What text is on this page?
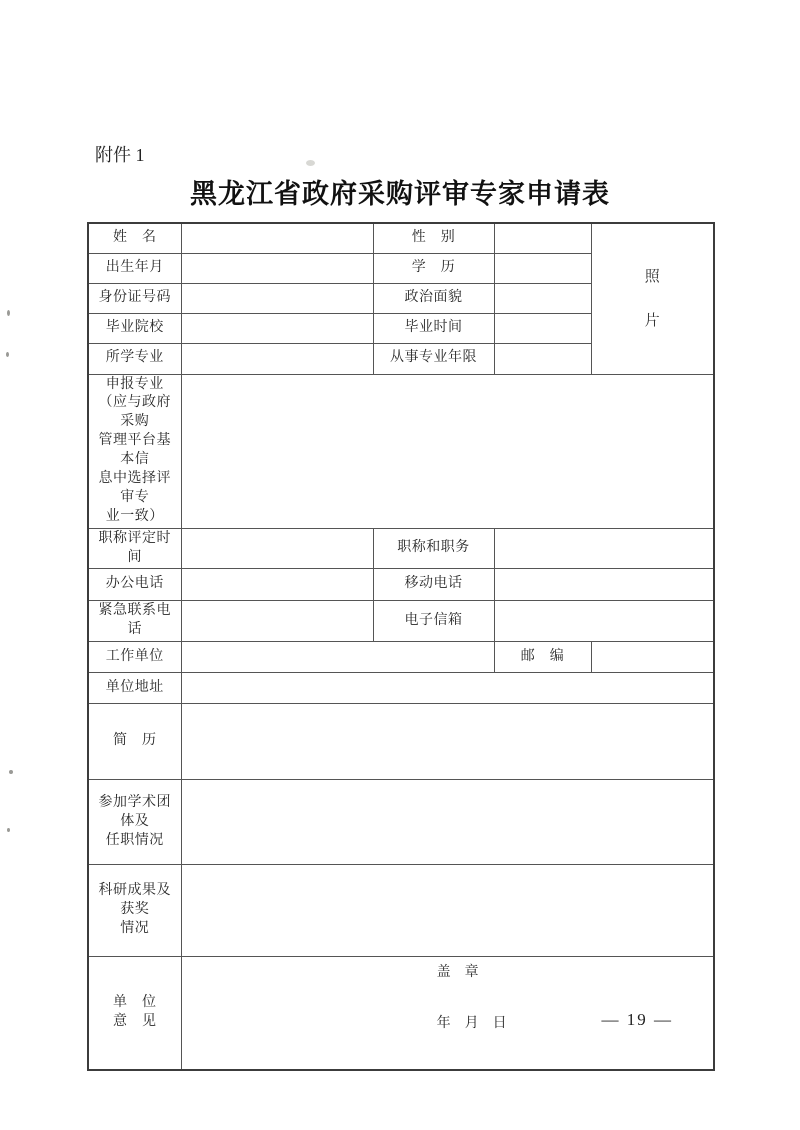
附件 1
黑龙江省政府采购评审专家申请表
姓　名		性　别		照
片

出生年月		学　历		
身份证号码		政治面貌		
毕业院校		毕业时间		
所学专业		从事专业年限		

申报专业
（应与政府采购
管理平台基本信
息中选择评审专
业一致）				

职称评定时间		职称和职务		
办公电话		移动电话		
紧急联系电话		电子信箱		
工作单位			邮　编	
单位地址				
简　历				

参加学术团体及
任职情况				

科研成果及获奖
情况				

单　位
意　见

盖　章

年　月　日

	— 19 —
